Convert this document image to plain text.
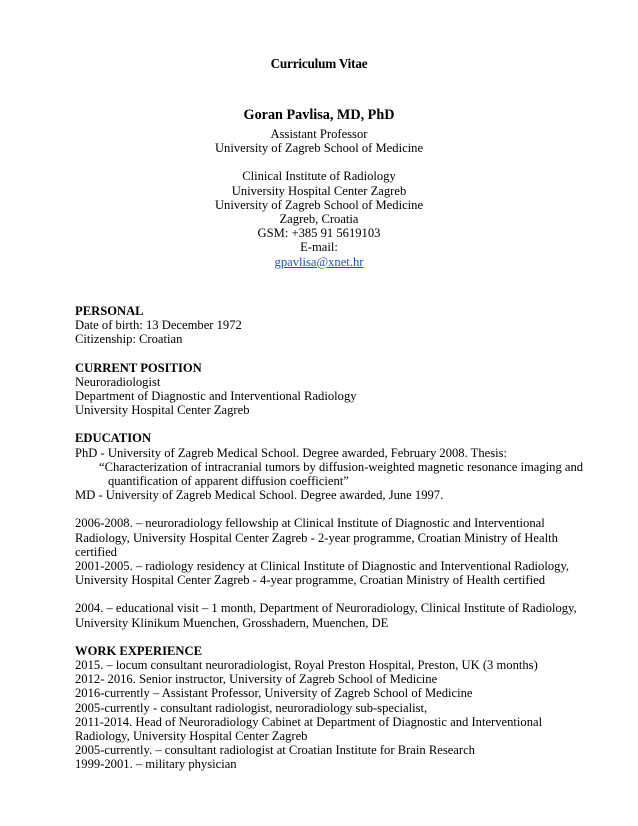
Curriculum Vitae
Goran Pavlisa, MD, PhD
Assistant Professor
University of Zagreb School of Medicine
Clinical Institute of Radiology
University Hospital Center Zagreb
University of Zagreb School of Medicine
Zagreb, Croatia
GSM: +385 91 5619103
E-mail:
gpavlisa@xnet.hr
PERSONAL
Date of birth: 13 December 1972
Citizenship: Croatian
CURRENT POSITION
Neuroradiologist
Department of Diagnostic and Interventional Radiology
University Hospital Center Zagreb
EDUCATION
PhD - University of Zagreb Medical School. Degree awarded, February 2008. Thesis:
“Characterization of intracranial tumors by diffusion-weighted magnetic resonance imaging and
quantification of apparent diffusion coefficient”
MD - University of Zagreb Medical School. Degree awarded, June 1997.
2006-2008. – neuroradiology fellowship at Clinical Institute of Diagnostic and Interventional
Radiology, University Hospital Center Zagreb - 2-year programme, Croatian Ministry of Health
certified
2001-2005. – radiology residency at Clinical Institute of Diagnostic and Interventional Radiology,
University Hospital Center Zagreb - 4-year programme, Croatian Ministry of Health certified
2004. – educational visit – 1 month, Department of Neuroradiology, Clinical Institute of Radiology,
University Klinikum Muenchen, Grosshadern, Muenchen, DE
WORK EXPERIENCE
2015. – locum consultant neuroradiologist, Royal Preston Hospital, Preston, UK (3 months)
2012- 2016. Senior instructor, University of Zagreb School of Medicine
2016-currently – Assistant Professor, University of Zagreb School of Medicine
2005-currently - consultant radiologist, neuroradiology sub-specialist,
2011-2014. Head of Neuroradiology Cabinet at Department of Diagnostic and Interventional
Radiology, University Hospital Center Zagreb
2005-currently. – consultant radiologist at Croatian Institute for Brain Research
1999-2001. – military physician
